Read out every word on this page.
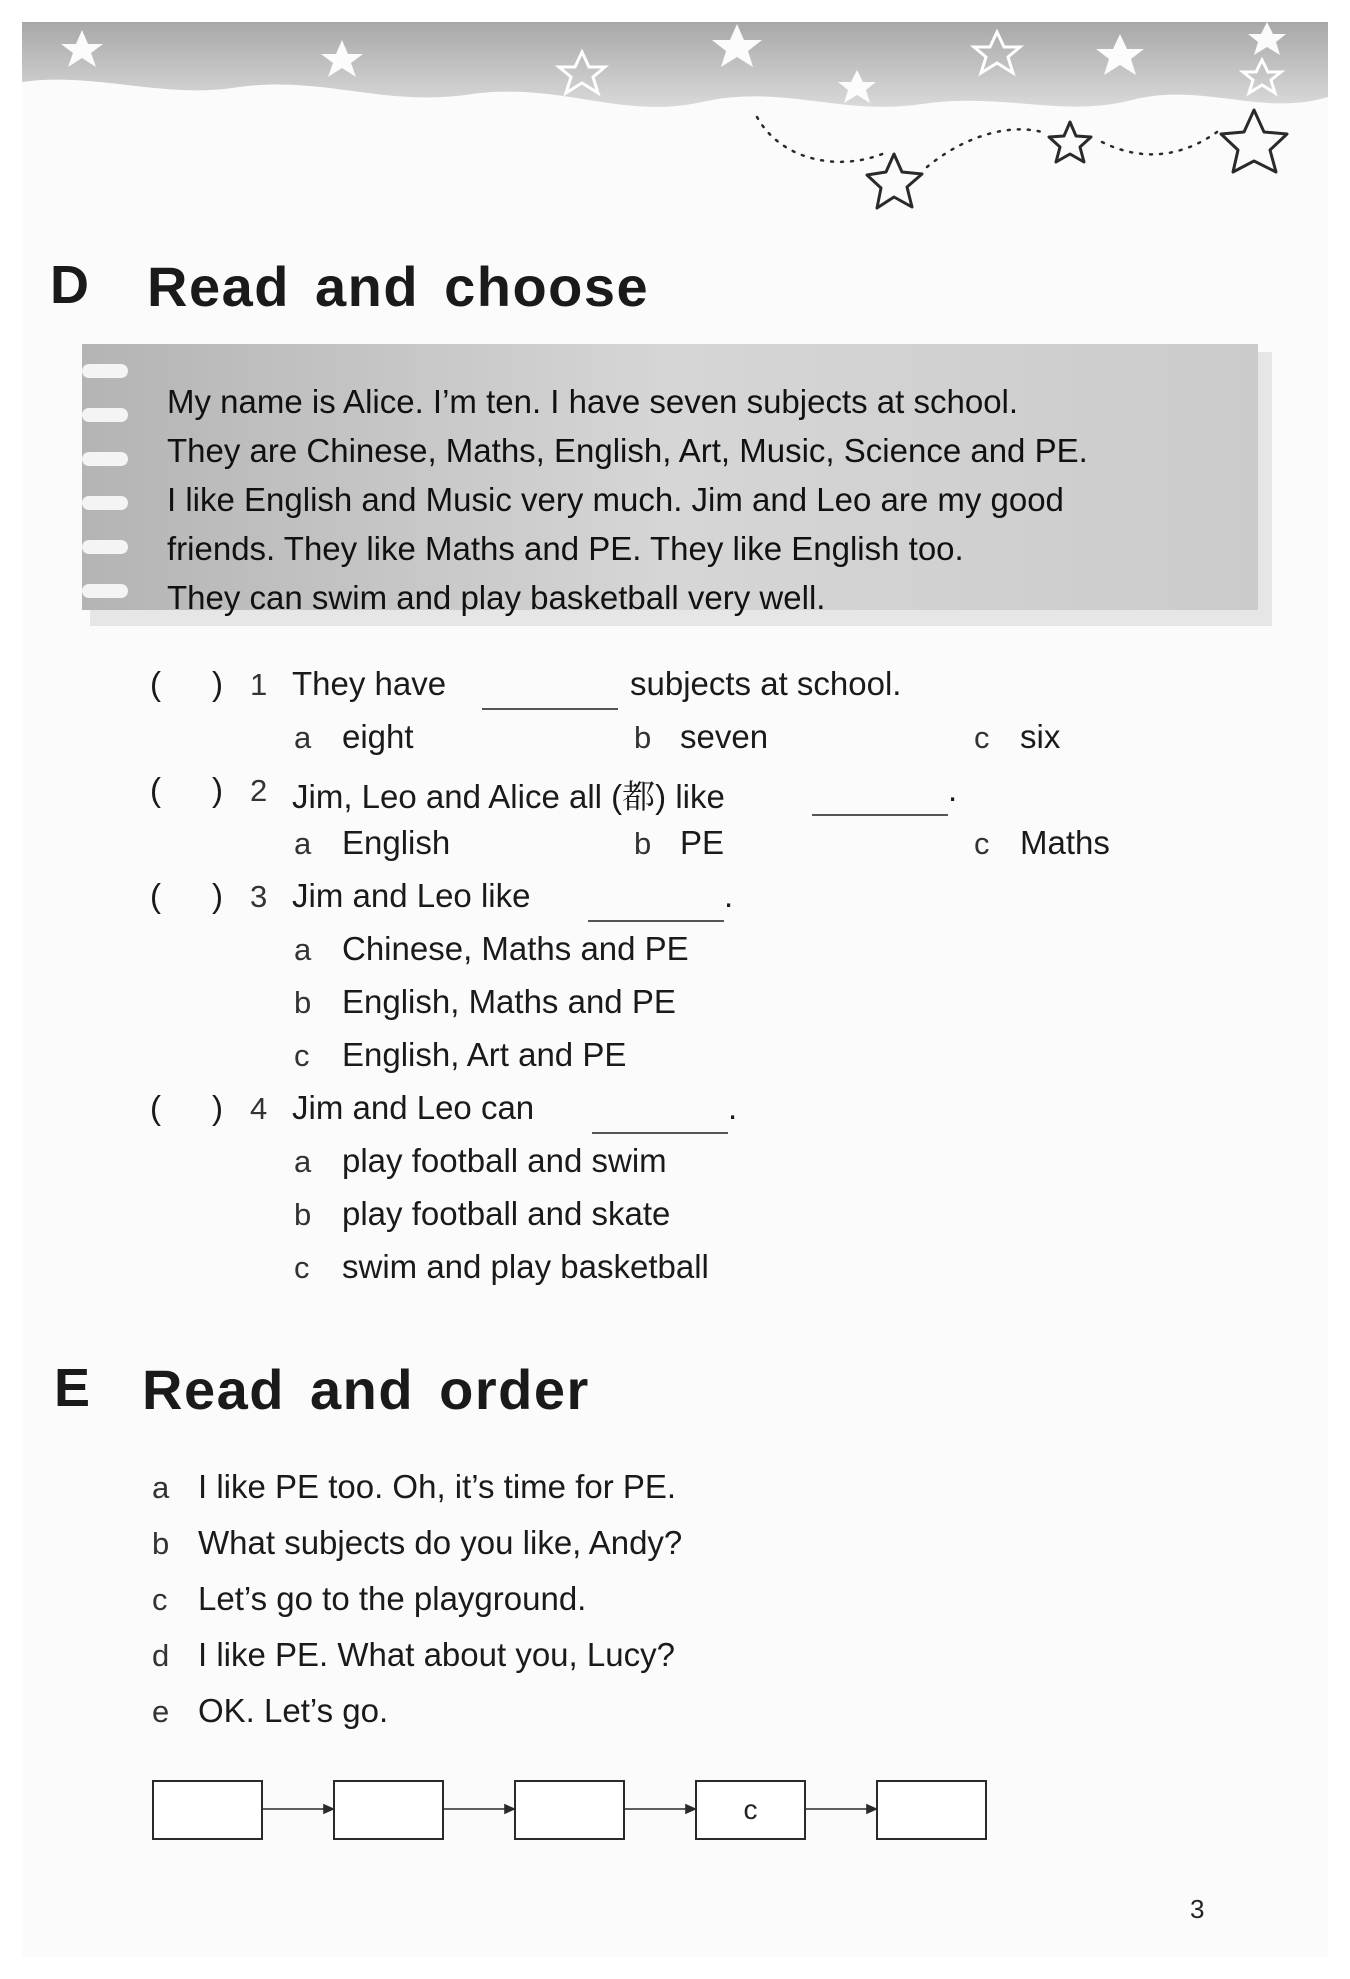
D Read and choose
My name is Alice. I’m ten. I have seven subjects at school.
They are Chinese, Maths, English, Art, Music, Science and PE.
I like English and Music very much. Jim and Leo are my good
friends. They like Maths and PE. They like English too.
They can swim and play basketball very well.
( ) 1 They have	subjects at school.
a eight	b seven	c six
( ) 2 Jim, Leo and Alice all (都) like	.
a English	b PE	c Maths
( ) 3 Jim and Leo like	.
a Chinese, Maths and PE
b English, Maths and PE
c English, Art and PE
( ) 4 Jim and Leo can	.
a play football and swim
b play football and skate
c swim and play basketball
E Read and order
a I like PE too. Oh, it’s time for PE.
b What subjects do you like, Andy?
c Let’s go to the playground.
d I like PE. What about you, Lucy?
e OK. Let’s go.
c
3
